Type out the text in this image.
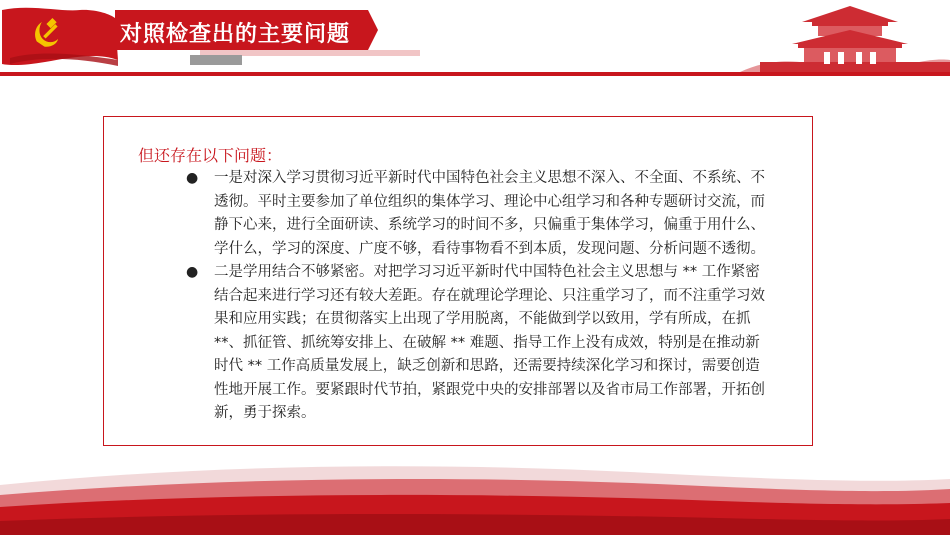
对照检查出的主要问题

但还存在以下问题：

● 一是对深入学习贯彻习近平新时代中国特色社会主义思想不深入、不全面、不系统、不透彻。平时主要参加了单位组织的集体学习、理论中心组学习和各种专题研讨交流，而静下心来，进行全面研读、系统学习的时间不多，只偏重于集体学习，偏重于用什么、学什么，学习的深度、广度不够，看待事物看不到本质，发现问题、分析问题不透彻。
● 二是学用结合不够紧密。对把学习习近平新时代中国特色社会主义思想与 ** 工作紧密结合起来进行学习还有较大差距。存在就理论学理论、只注重学习了，而不注重学习效果和应用实践；在贯彻落实上出现了学用脱离，不能做到学以致用，学有所成，在抓 **、抓征管、抓统筹安排上、在破解 ** 难题、指导工作上没有成效，特别是在推动新时代 ** 工作高质量发展上，缺乏创新和思路，还需要持续深化学习和探讨，需要创造性地开展工作。要紧跟时代节拍，紧跟党中央的安排部署以及省市局工作部署，开拓创新，勇于探索。
